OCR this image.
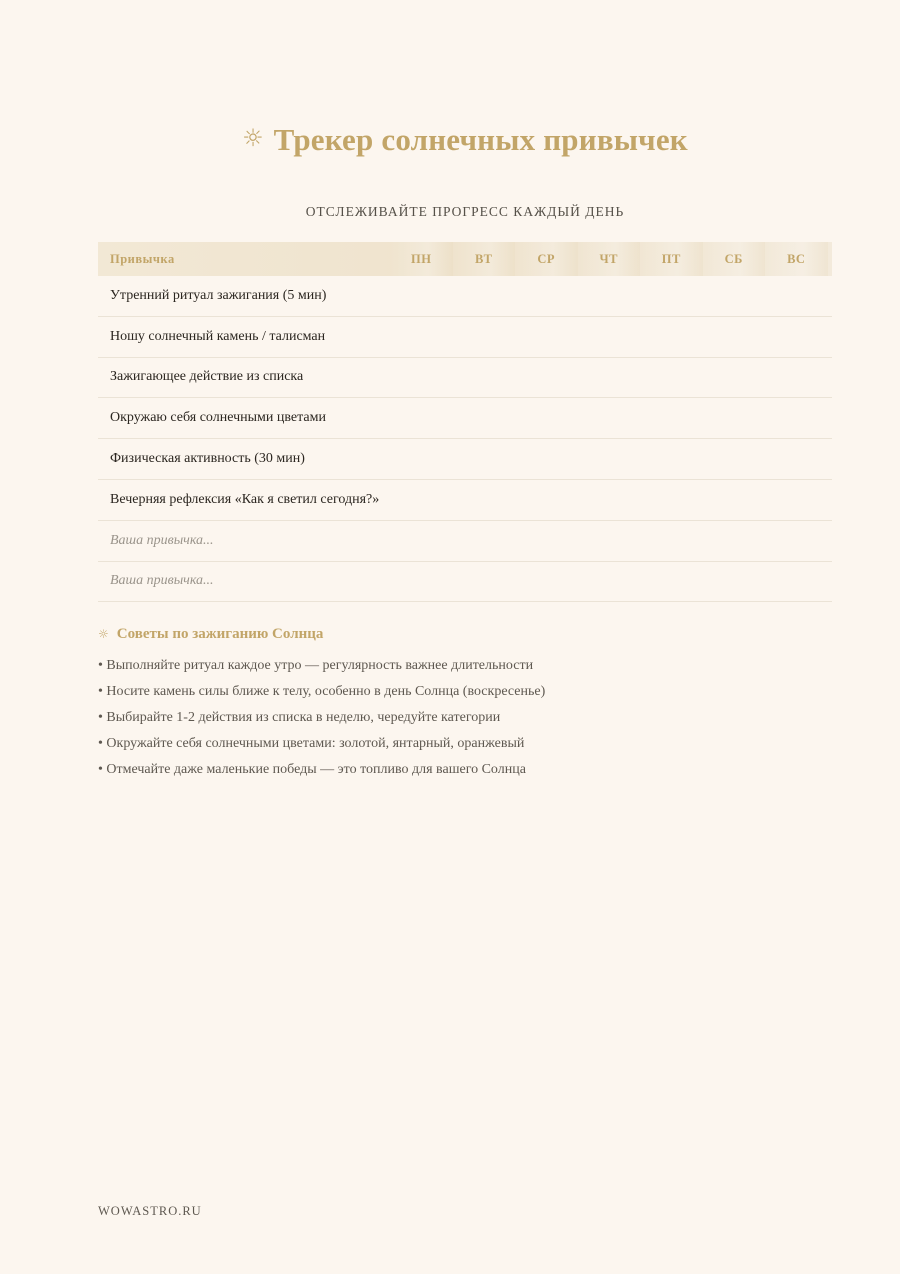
☼ Трекер солнечных привычек
ОТСЛЕЖИВАЙТЕ ПРОГРЕСС КАЖДЫЙ ДЕНЬ
Привычка	ПН	ВТ	СР	ЧТ	ПТ	СБ	ВС
Утренний ритуал зажигания (5 мин)
Ношу солнечный камень / талисман
Зажигающее действие из списка
Окружаю себя солнечными цветами
Физическая активность (30 мин)
Вечерняя рефлексия «Как я светил сегодня?»
Ваша привычка...
Ваша привычка...
☼ Советы по зажиганию Солнца
• Выполняйте ритуал каждое утро — регулярность важнее длительности
• Носите камень силы ближе к телу, особенно в день Солнца (воскресенье)
• Выбирайте 1-2 действия из списка в неделю, чередуйте категории
• Окружайте себя солнечными цветами: золотой, янтарный, оранжевый
• Отмечайте даже маленькие победы — это топливо для вашего Солнца
WOWASTRO.RU
